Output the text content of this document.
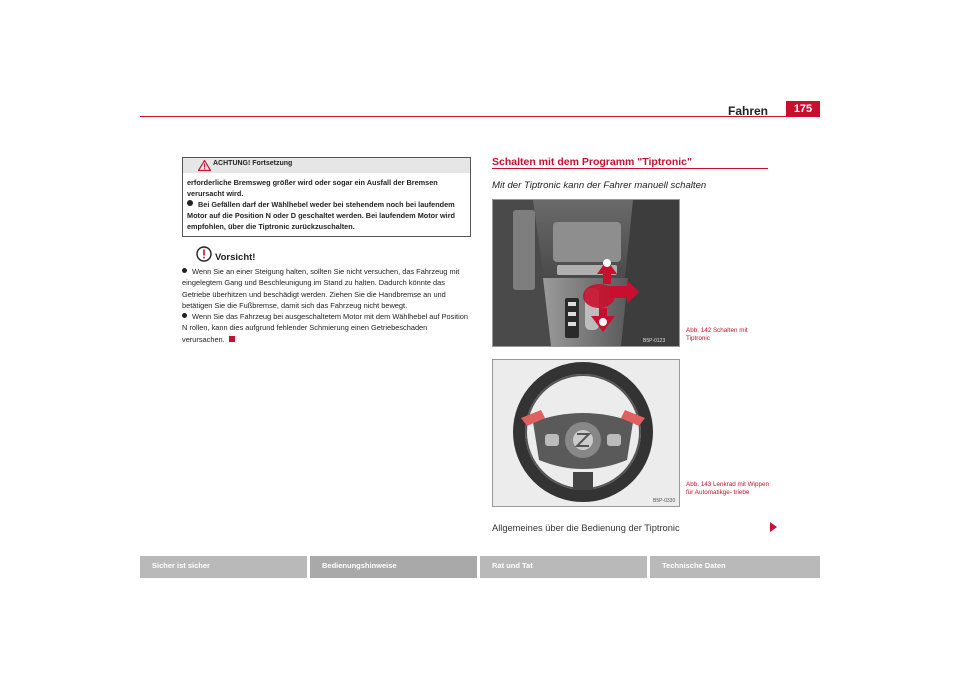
Fahren	175
ACHTUNG! Fortsetzung

erforderliche Bremsweg größer wird oder sogar ein Ausfall der Bremsen verursacht wird.

Bei Gefällen darf der Wählhebel weder bei stehendem noch bei laufendem Motor auf die Position N oder D geschaltet werden. Bei laufendem Motor wird empfohlen, über die Tiptronic zurückzuschalten.

Vorsicht!

Wenn Sie an einer Steigung halten, sollten Sie nicht versuchen, das Fahrzeug mit eingelegtem Gang und Beschleunigung im Stand zu halten. Dadurch könnte das Getriebe überhitzen und beschädigt werden. Ziehen Sie die Handbremse an und betätigen Sie die Fußbremse, damit sich das Fahrzeug nicht bewegt.

Wenn Sie das Fahrzeug bei ausgeschaltetem Motor mit dem Wählhebel auf Position N rollen, kann dies aufgrund fehlender Schmierung einen Getriebeschaden verursachen.

Schalten mit dem Programm "Tiptronic"
Mit der Tiptronic kann der Fahrer manuell schalten
B5P-0123
Abb. 142 Schalten mit Tiptronic
B5P-0330
Abb. 143 Lenkrad mit Wippen für Automatikge- triebe
Allgemeines über die Bedienung der Tiptronic
Sicher ist sicher	Bedienungshinweise	Rat und Tat	Technische Daten
